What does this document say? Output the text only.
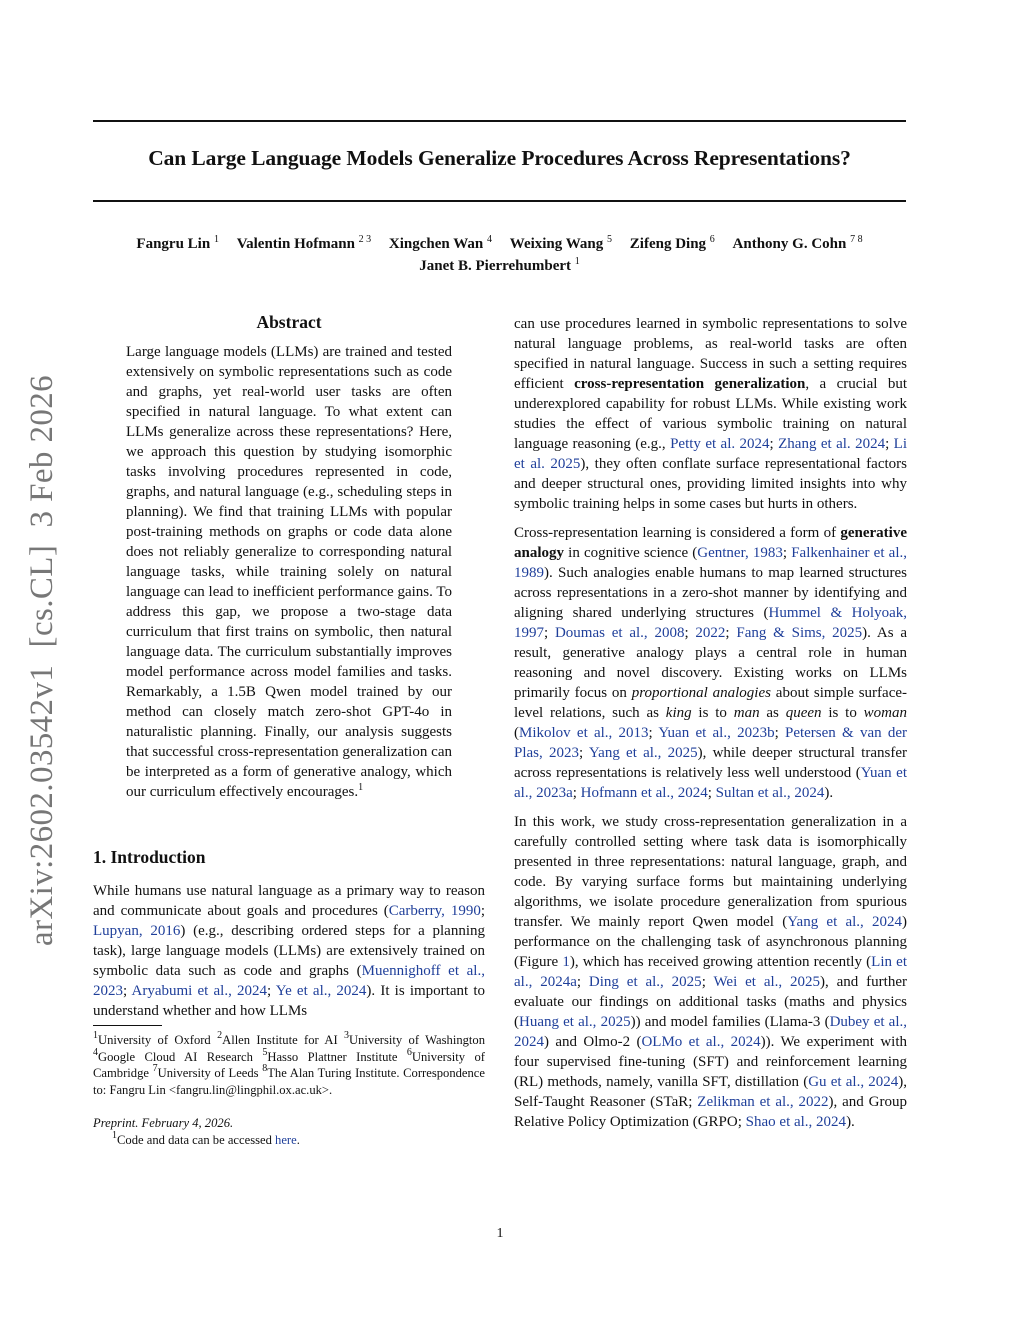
Can Large Language Models Generalize Procedures Across Representations?
Fangru Lin $^1$ Valentin Hofmann $^{2 3}$ Xingchen Wan $^4$ Weixing Wang $^5$ Zifeng Ding $^6$ Anthony G. Cohn $^{7 8}$
Janet B. Pierrehumbert $^1$
arXiv:2602.03542v1  [cs.CL]  3 Feb 2026
Abstract
Large language models (LLMs) are trained and tested extensively on symbolic representations such as code and graphs, yet real-world user tasks are often specified in natural language. To what extent can LLMs generalize across these representations? Here, we approach this question by studying isomorphic tasks involving procedures represented in code, graphs, and natural language (e.g., scheduling steps in planning). We find that training LLMs with popular post-training methods on graphs or code data alone does not reliably generalize to corresponding natural language tasks, while training solely on natural language can lead to inefficient performance gains. To address this gap, we propose a two-stage data curriculum that first trains on symbolic, then natural language data. The curriculum substantially improves model performance across model families and tasks. Remarkably, a 1.5B Qwen model trained by our method can closely match zero-shot GPT-4o in naturalistic planning. Finally, our analysis suggests that successful cross-representation generalization can be interpreted as a form of generative analogy, which our curriculum effectively encourages.$^1$
1. Introduction

While humans use natural language as a primary way to reason and communicate about goals and procedures (Carberry, 1990; Lupyan, 2016) (e.g., describing ordered steps for a planning task), large language models (LLMs) are extensively trained on symbolic data such as code and graphs (Muennighoff et al., 2023; Aryabumi et al., 2024; Ye et al., 2024). It is important to understand whether and how LLMs

$^1$University of Oxford $^2$Allen Institute for AI $^3$University of Washington $^4$Google Cloud AI Research $^5$Hasso Plattner Institute $^6$University of Cambridge $^7$University of Leeds $^8$The Alan Turing Institute. Correspondence to: Fangru Lin <fangru.lin@lingphil.ox.ac.uk>.
Preprint. February 4, 2026.
$^1$Code and data can be accessed here.

can use procedures learned in symbolic representations to solve natural language problems, as real-world tasks are often specified in natural language. Success in such a setting requires efficient cross-representation generalization, a crucial but underexplored capability for robust LLMs. While existing work studies the effect of various symbolic training on natural language reasoning (e.g., Petty et al. 2024; Zhang et al. 2024; Li et al. 2025), they often conflate surface representational factors and deeper structural ones, providing limited insights into why symbolic training helps in some cases but hurts in others.

Cross-representation learning is considered a form of generative analogy in cognitive science (Gentner, 1983; Falkenhainer et al., 1989). Such analogies enable humans to map learned structures across representations in a zero-shot manner by identifying and aligning shared underlying structures (Hummel & Holyoak, 1997; Doumas et al., 2008; 2022; Fang & Sims, 2025). As a result, generative analogy plays a central role in human reasoning and novel discovery. Existing works on LLMs primarily focus on proportional analogies about simple surface-level relations, such as king is to man as queen is to woman (Mikolov et al., 2013; Yuan et al., 2023b; Petersen & van der Plas, 2023; Yang et al., 2025), while deeper structural transfer across representations is relatively less well understood (Yuan et al., 2023a; Hofmann et al., 2024; Sultan et al., 2024).

In this work, we study cross-representation generalization in a carefully controlled setting where task data is isomorphically presented in three representations: natural language, graph, and code. By varying surface forms but maintaining underlying algorithms, we isolate procedure generalization from spurious transfer. We mainly report Qwen model (Yang et al., 2024) performance on the challenging task of asynchronous planning (Figure 1), which has received growing attention recently (Lin et al., 2024a; Ding et al., 2025; Wei et al., 2025), and further evaluate our findings on additional tasks (maths and physics (Huang et al., 2025)) and model families (Llama-3 (Dubey et al., 2024) and Olmo-2 (OLMo et al., 2024)). We experiment with four supervised fine-tuning (SFT) and reinforcement learning (RL) methods, namely, vanilla SFT, distillation (Gu et al., 2024), Self-Taught Reasoner (STaR; Zelikman et al., 2022), and Group Relative Policy Optimization (GRPO; Shao et al., 2024).

1
